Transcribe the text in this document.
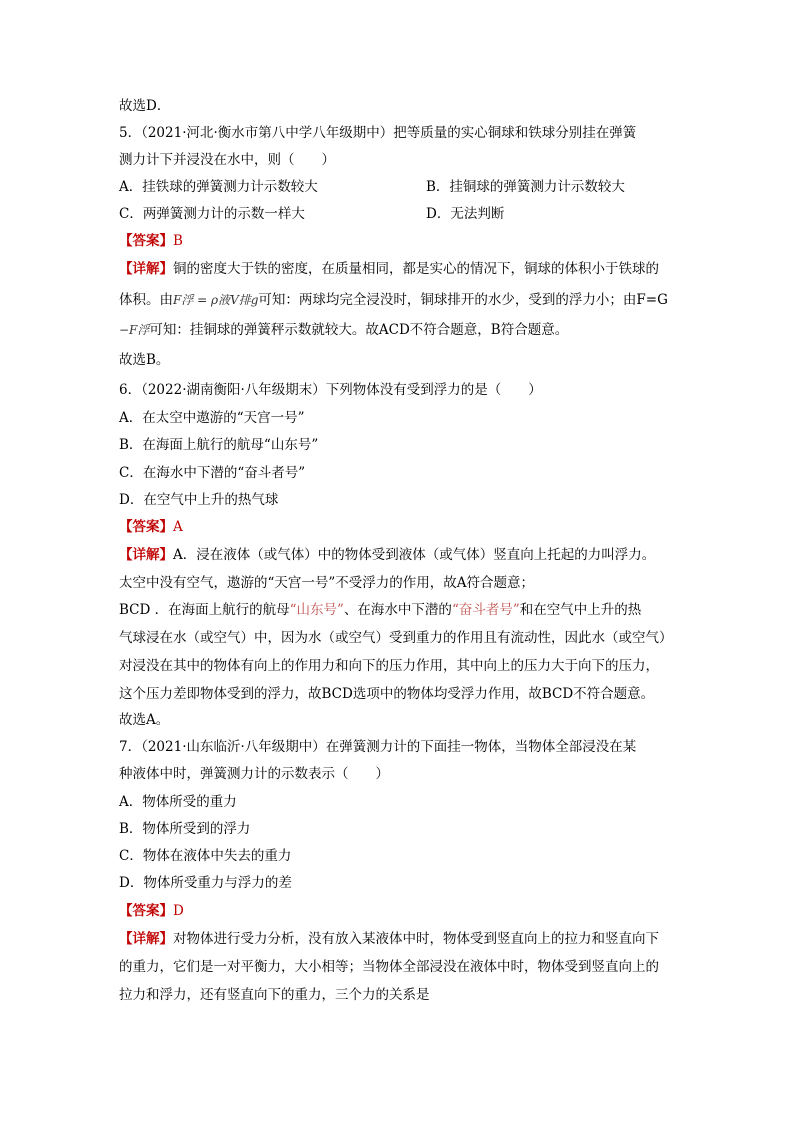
故选D．
5．（2021·河北·衡水市第八中学八年级期中）把等质量的实心铜球和铁球分别挂在弹簧
测力计下并浸没在水中，则（　　）
A．挂铁球的弹簧测力计示数较大	B．挂铜球的弹簧测力计示数较大
C．两弹簧测力计的示数一样大	D．无法判断
【答案】B
【详解】铜的密度大于铁的密度，在质量相同，都是实心的情况下，铜球的体积小于铁球的
体积。由F浮 = ρ液V排g可知：两球均完全浸没时，铜球排开的水少，受到的浮力小；由F=G
−F浮可知：挂铜球的弹簧秤示数就较大。故ACD不符合题意，B符合题意。
故选B。
6．（2022·湖南衡阳·八年级期末）下列物体没有受到浮力的是（　　）
A．在太空中遨游的“天宫一号”
B．在海面上航行的航母“山东号”
C．在海水中下潜的“奋斗者号”
D．在空气中上升的热气球
【答案】A
【详解】A．浸在液体（或气体）中的物体受到液体（或气体）竖直向上托起的力叫浮力。
太空中没有空气，遨游的“天宫一号”不受浮力的作用，故A符合题意；
BCD ．在海面上航行的航母“山东号”、在海水中下潜的“奋斗者号”和在空气中上升的热
气球浸在水（或空气）中，因为水（或空气）受到重力的作用且有流动性，因此水（或空气）
对浸没在其中的物体有向上的作用力和向下的压力作用，其中向上的压力大于向下的压力，
这个压力差即物体受到的浮力，故BCD选项中的物体均受浮力作用，故BCD不符合题意。
故选A。
7．（2021·山东临沂·八年级期中）在弹簧测力计的下面挂一物体，当物体全部浸没在某
种液体中时，弹簧测力计的示数表示（　　）
A．物体所受的重力
B．物体所受到的浮力
C．物体在液体中失去的重力
D．物体所受重力与浮力的差
【答案】D
【详解】对物体进行受力分析，没有放入某液体中时，物体受到竖直向上的拉力和竖直向下
的重力，它们是一对平衡力，大小相等；当物体全部浸没在液体中时，物体受到竖直向上的
拉力和浮力，还有竖直向下的重力，三个力的关系是
